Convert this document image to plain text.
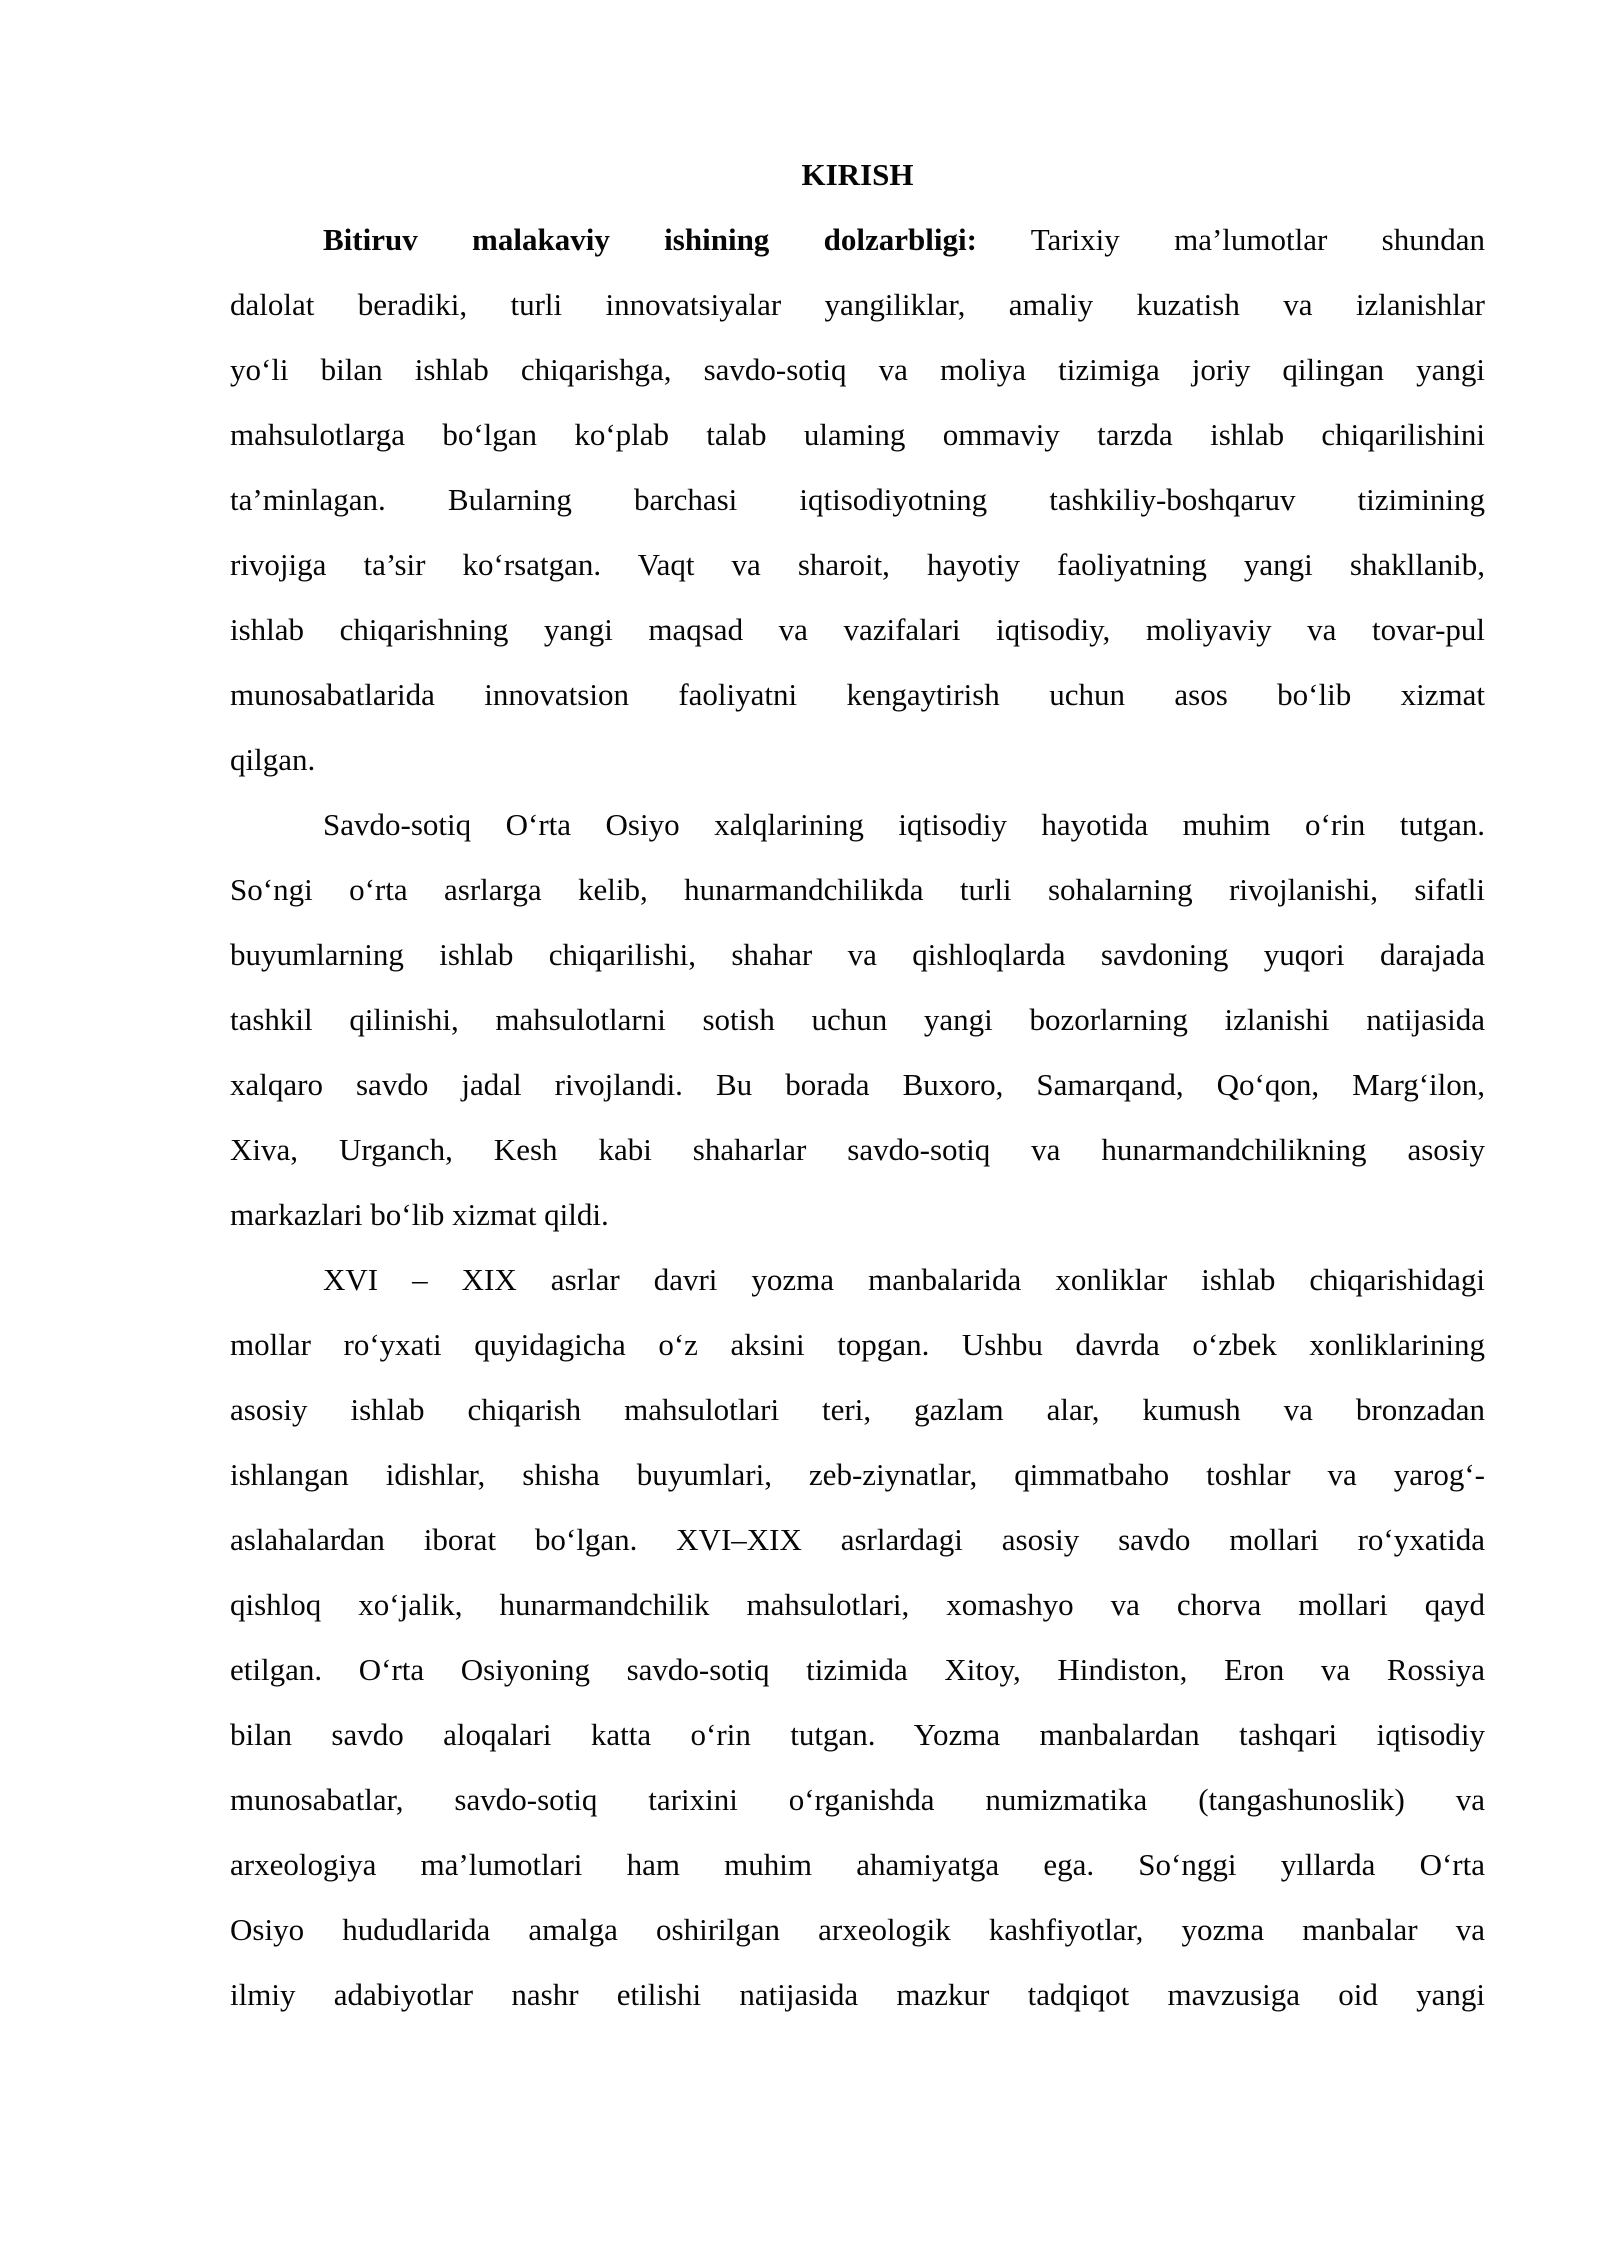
KIRISH
Bitiruv malakaviy ishining dolzarbligi: Tarixiy ma’lumotlar shundan
dalolat beradiki, turli innovatsiyalar yangiliklar, amaliy kuzatish va izlanishlar
yoʻli bilan ishlab chiqarishga, savdo-sotiq va moliya tizimiga joriy qilingan yangi
mahsulotlarga boʻlgan koʻplab talab ulaming ommaviy tarzda ishlab chiqarilishini
ta’minlagan. Bularning barchasi iqtisodiyotning tashkiliy-boshqaruv tizimining
rivojiga ta’sir koʻrsatgan. Vaqt va sharoit, hayotiy faoliyatning yangi shakllanib,
ishlab chiqarishning yangi maqsad va vazifalari iqtisodiy, moliyaviy va tovar-pul
munosabatlarida innovatsion faoliyatni kengaytirish uchun asos boʻlib xizmat
qilgan.
Savdo-sotiq Oʻrta Osiyo xalqlarining iqtisodiy hayotida muhim oʻrin tutgan.
Soʻngi oʻrta asrlarga kelib, hunarmandchilikda turli sohalarning rivojlanishi, sifatli
buyumlarning ishlab chiqarilishi, shahar va qishloqlarda savdoning yuqori darajada
tashkil qilinishi, mahsulotlarni sotish uchun yangi bozorlarning izlanishi natijasida
xalqaro savdo jadal rivojlandi. Bu borada Buxoro, Samarqand, Qoʻqon, Margʻilon,
Xiva, Urganch, Kesh kabi shaharlar savdo-sotiq va hunarmandchilikning asosiy
markazlari boʻlib xizmat qildi.
XVI – XIX asrlar davri yozma manbalarida xonliklar ishlab chiqarishidagi
mollar roʻyxati quyidagicha oʻz aksini topgan. Ushbu davrda oʻzbek xonliklarining
asosiy ishlab chiqarish mahsulotlari teri, gazlam alar, kumush va bronzadan
ishlangan idishlar, shisha buyumlari, zeb-ziynatlar, qimmatbaho toshlar va yarogʻ-
aslahalardan iborat boʻlgan. XVI–XIX asrlardagi asosiy savdo mollari roʻyxatida
qishloq xoʻjalik, hunarmandchilik mahsulotlari, xomashyo va chorva mollari qayd
etilgan. Oʻrta Osiyoning savdo-sotiq tizimida Xitoy, Hindiston, Eron va Rossiya
bilan savdo aloqalari katta oʻrin tutgan. Yozma manbalardan tashqari iqtisodiy
munosabatlar, savdo-sotiq tarixini oʻrganishda numizmatika (tangashunoslik) va
arxeologiya ma’lumotlari ham muhim ahamiyatga ega. Soʻnggi yıllarda Oʻrta
Osiyo hududlarida amalga oshirilgan arxeologik kashfiyotlar, yozma manbalar va
ilmiy adabiyotlar nashr etilishi natijasida mazkur tadqiqot mavzusiga oid yangi
